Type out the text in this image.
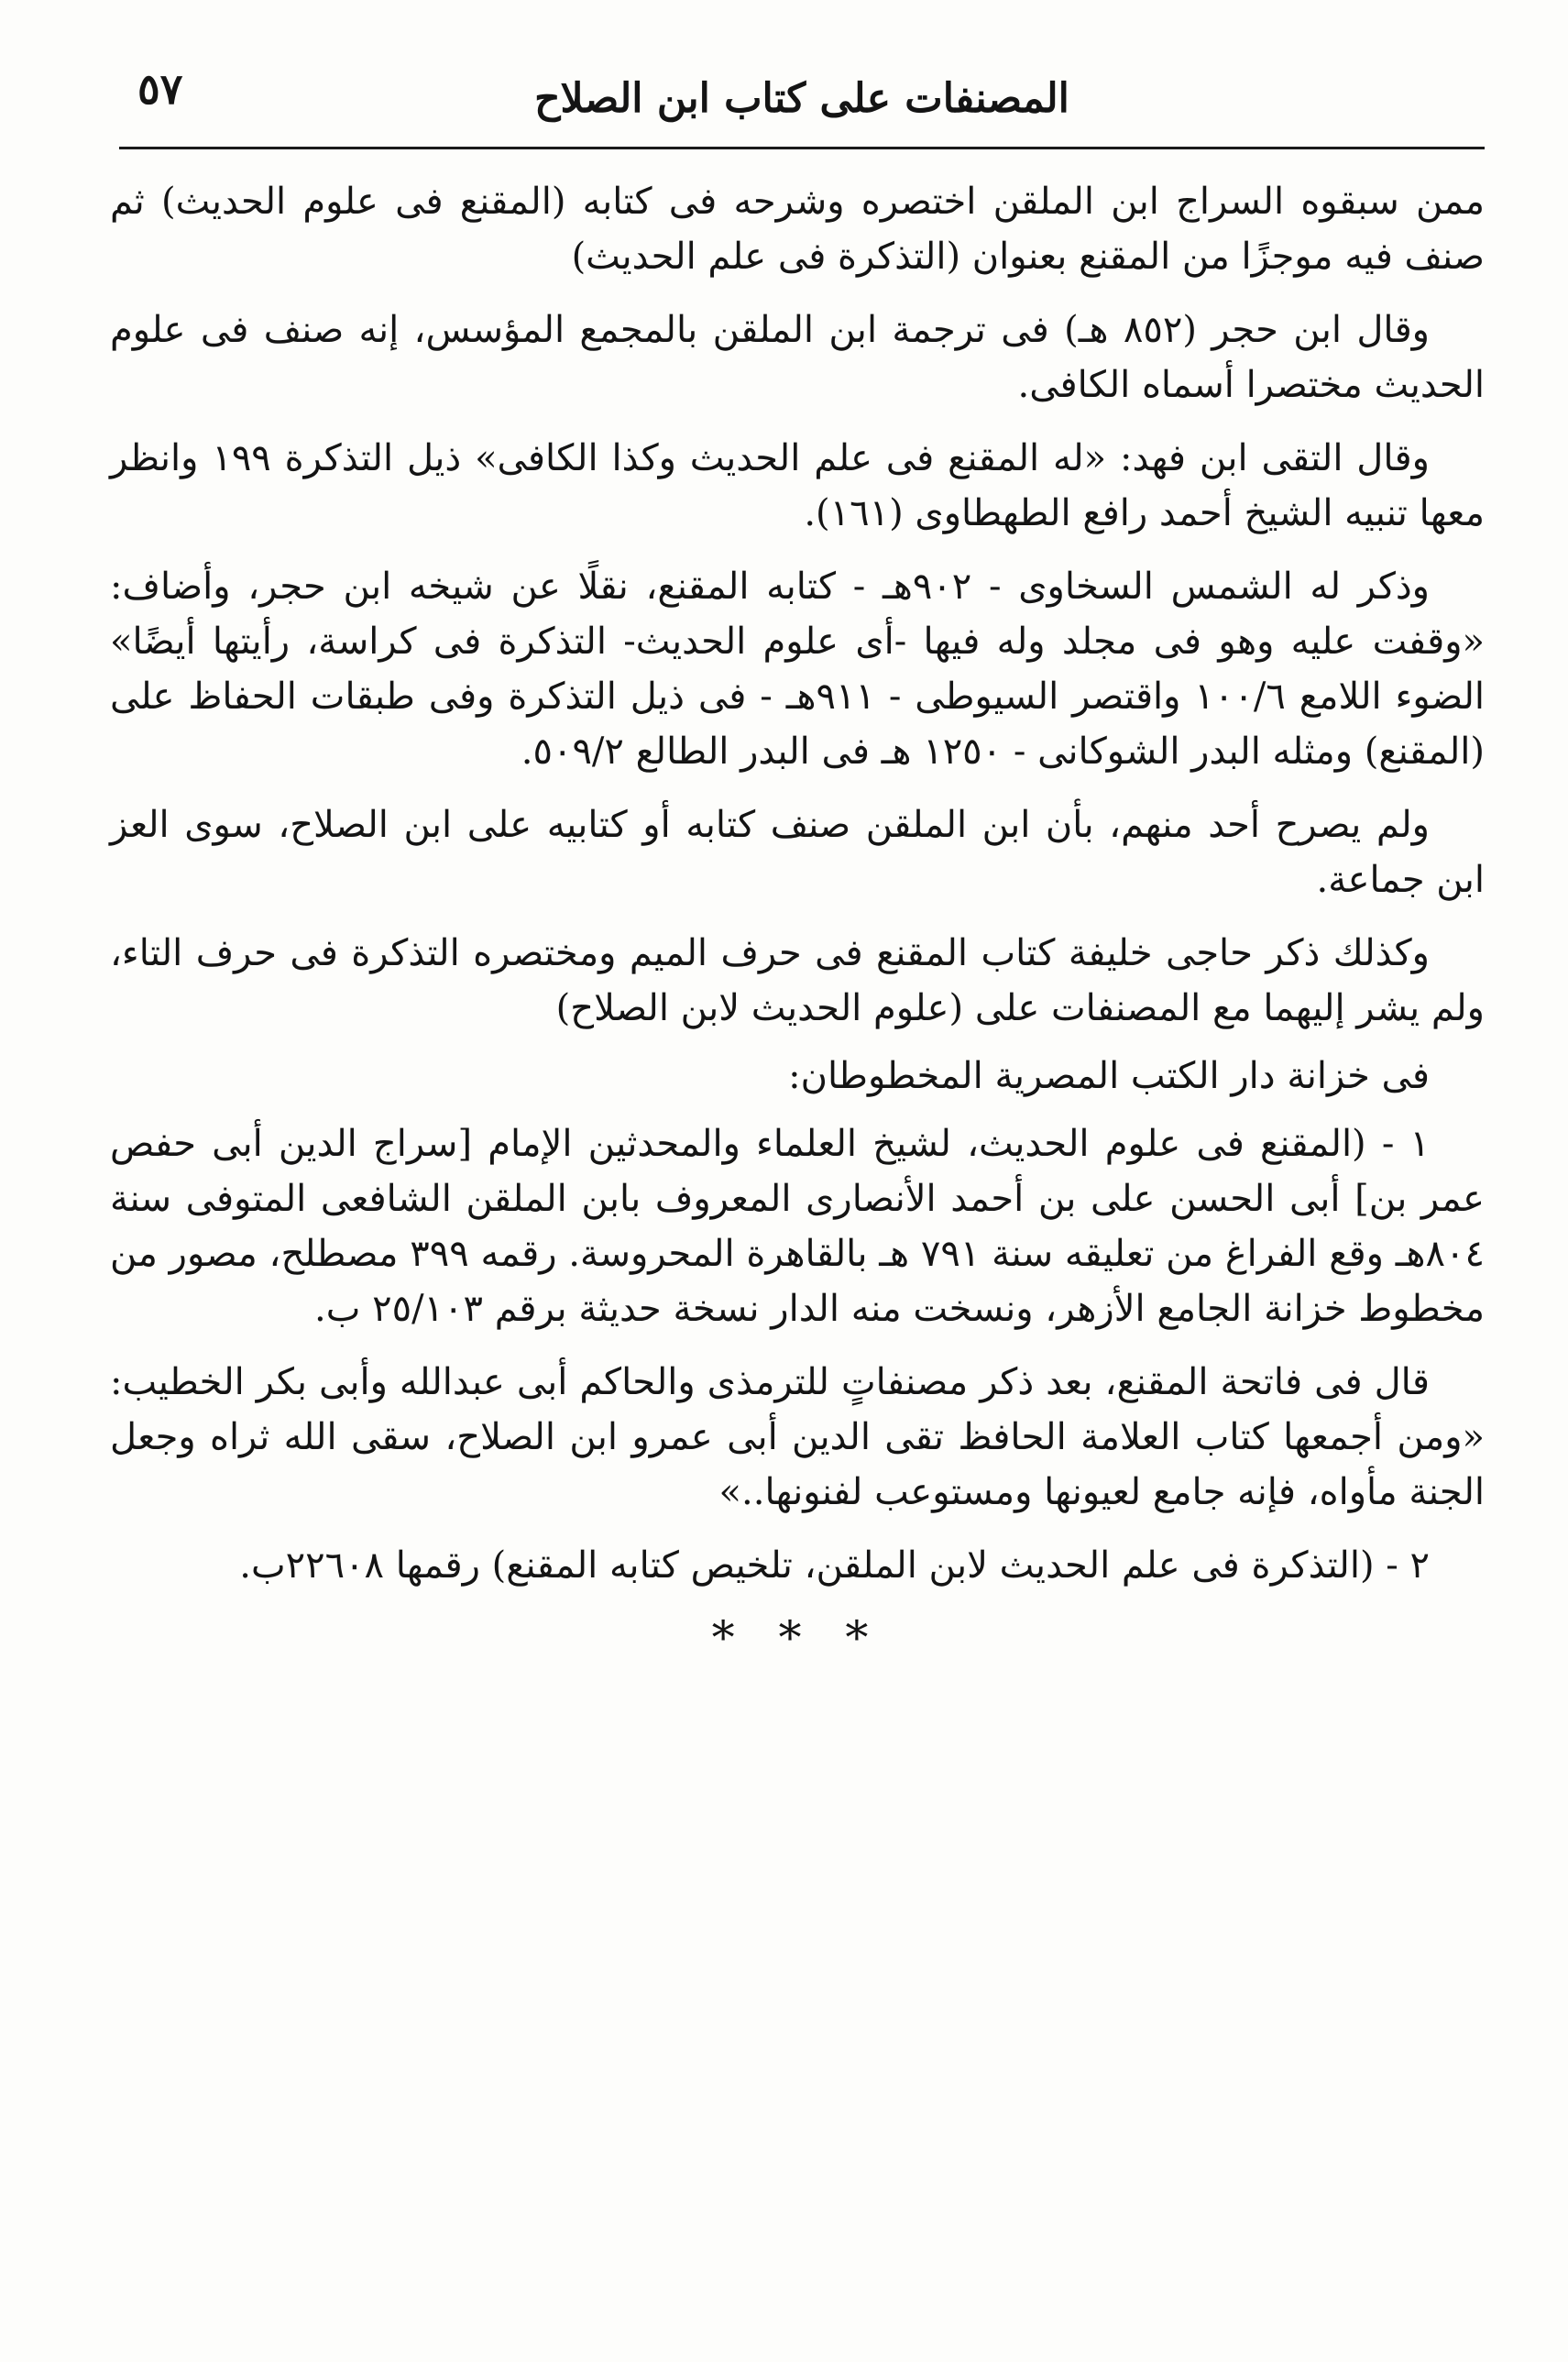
٥٧	المصنفات على كتاب ابن الصلاح

ممن سبقوه السراج ابن الملقن اختصره وشرحه فى كتابه (المقنع فى علوم الحديث) ثم صنف فيه موجزًا من المقنع بعنوان (التذكرة فى علم الحديث)

وقال ابن حجر (٨٥٢ هـ) فى ترجمة ابن الملقن بالمجمع المؤسس، إنه صنف فى علوم الحديث مختصرا أسماه الكافى.

وقال التقى ابن فهد: «له المقنع فى علم الحديث وكذا الكافى» ذيل التذكرة ١٩٩ وانظر معها تنبيه الشيخ أحمد رافع الطهطاوى (١٦١).

وذكر له الشمس السخاوى - ٩٠٢هـ - كتابه المقنع، نقلًا عن شيخه ابن حجر، وأضاف: «وقفت عليه وهو فى مجلد وله فيها -أى علوم الحديث- التذكرة فى كراسة، رأيتها أيضًا» الضوء اللامع ١٠٠/٦ واقتصر السيوطى - ٩١١هـ - فى ذيل التذكرة وفى طبقات الحفاظ على (المقنع) ومثله البدر الشوكانى - ١٢٥٠ هـ فى البدر الطالع ٥٠٩/٢.

ولم يصرح أحد منهم، بأن ابن الملقن صنف كتابه أو كتابيه على ابن الصلاح، سوى العز ابن جماعة.

وكذلك ذكر حاجى خليفة كتاب المقنع فى حرف الميم ومختصره التذكرة فى حرف التاء، ولم يشر إليهما مع المصنفات على (علوم الحديث لابن الصلاح)

فى خزانة دار الكتب المصرية المخطوطان:

١ - (المقنع فى علوم الحديث، لشيخ العلماء والمحدثين الإمام [سراج الدين أبى حفص عمر بن] أبى الحسن على بن أحمد الأنصارى المعروف بابن الملقن الشافعى المتوفى سنة ٨٠٤هـ وقع الفراغ من تعليقه سنة ٧٩١ هـ بالقاهرة المحروسة. رقمه ٣٩٩ مصطلح، مصور من مخطوط خزانة الجامع الأزهر، ونسخت منه الدار نسخة حديثة برقم ٢٥/١٠٣ ب.

قال فى فاتحة المقنع، بعد ذكر مصنفاتٍ للترمذى والحاكم أبى عبدالله وأبى بكر الخطيب: «ومن أجمعها كتاب العلامة الحافظ تقى الدين أبى عمرو ابن الصلاح، سقى الله ثراه وجعل الجنة مأواه، فإنه جامع لعيونها ومستوعب لفنونها..»

٢ - (التذكرة فى علم الحديث لابن الملقن، تلخيص كتابه المقنع) رقمها ٢٢٦٠٨ب.

* * *
